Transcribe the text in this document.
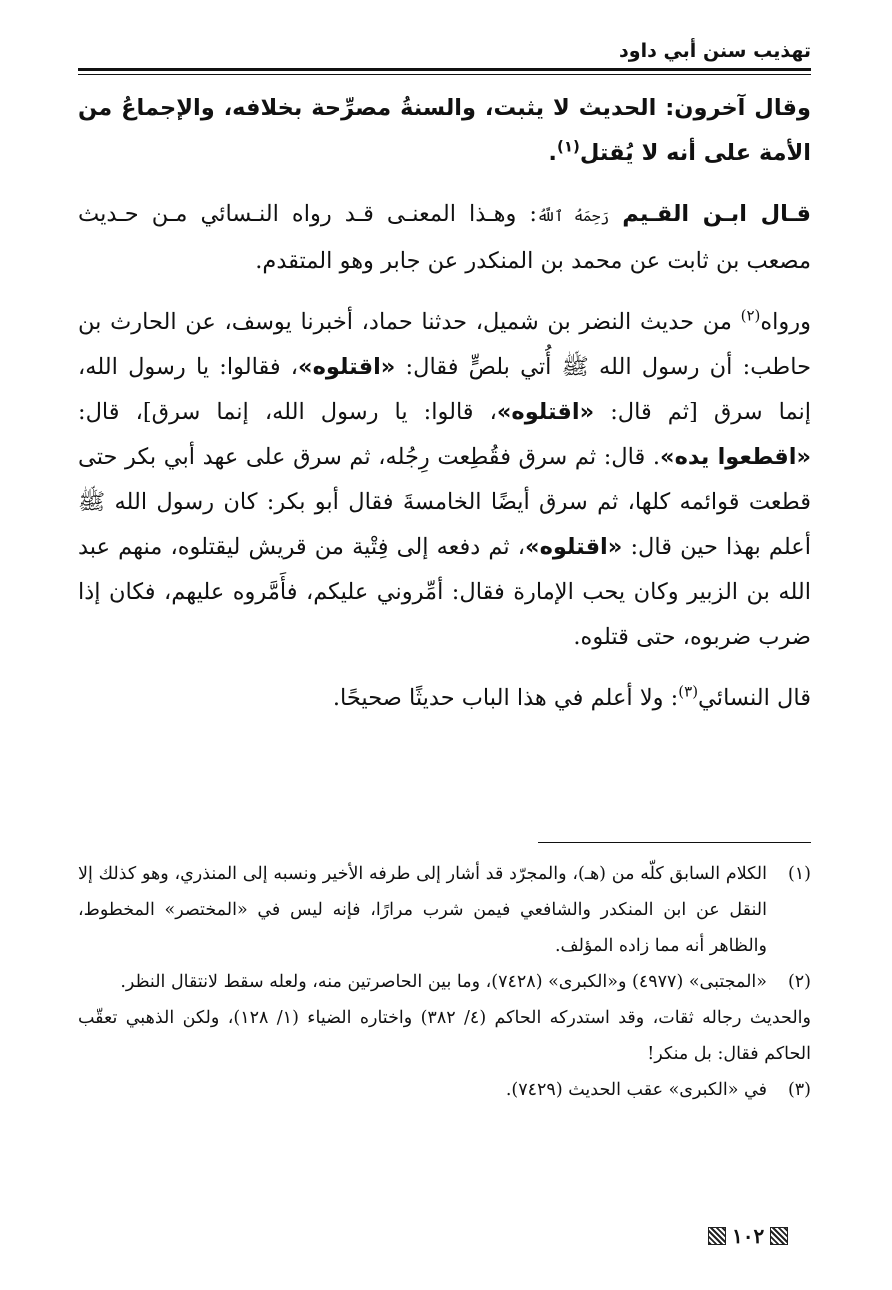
تهذيب سنن أبي داود

وقال آخرون: الحديث لا يثبت، والسنةُ مصرِّحة بخلافه، والإجماعُ من الأمة على أنه لا يُقتل$^{(١)}$.

قـال ابـن القـيم رَحِمَهُ ٱللَّهُ: وهـذا المعنـى قـد رواه النـسائي مـن حـديث مصعب بن ثابت عن محمد بن المنكدر عن جابر وهو المتقدم.

ورواه$^{(٢)}$ من حديث النضر بن شميل، حدثنا حماد، أخبرنا يوسف، عن الحارث بن حاطب: أن رسول الله ﷺ أُتي بلصٍّ فقال: «اقتلوه»، فقالوا: يا رسول الله، إنما سرق [ثم قال: «اقتلوه»، قالوا: يا رسول الله، إنما سرق]، قال: «اقطعوا يده». قال: ثم سرق فقُطِعت رِجُله، ثم سرق على عهد أبي بكر حتى قطعت قوائمه كلها، ثم سرق أيضًا الخامسةَ فقال أبو بكر: كان رسول الله ﷺ أعلم بهذا حين قال: «اقتلوه»، ثم دفعه إلى فِتْية من قريش ليقتلوه، منهم عبد الله بن الزبير وكان يحب الإمارة فقال: أمِّروني عليكم، فأَمَّروه عليهم، فكان إذا ضرب ضربوه، حتى قتلوه.

قال النسائي$^{(٣)}$: ولا أعلم في هذا الباب حديثًا صحيحًا.

(١)

الكلام السابق كلّه من (هـ)، والمجرّد قد أشار إلى طرفه الأخير ونسبه إلى المنذري، وهو كذلك إلا النقل عن ابن المنكدر والشافعي فيمن شرب مرارًا، فإنه ليس في «المختصر» المخطوط، والظاهر أنه مما زاده المؤلف.

(٢)

«المجتبى» (٤٩٧٧) و«الكبرى» (٧٤٢٨)، وما بين الحاصرتين منه، ولعله سقط لانتقال النظر.

والحديث رجاله ثقات، وقد استدركه الحاكم (٤/ ٣٨٢) واختاره الضياء (١/ ١٢٨)، ولكن الذهبي تعقّب الحاكم فقال: بل منكر!

(٣)

في «الكبرى» عقب الحديث (٧٤٢٩).

١٠٢
